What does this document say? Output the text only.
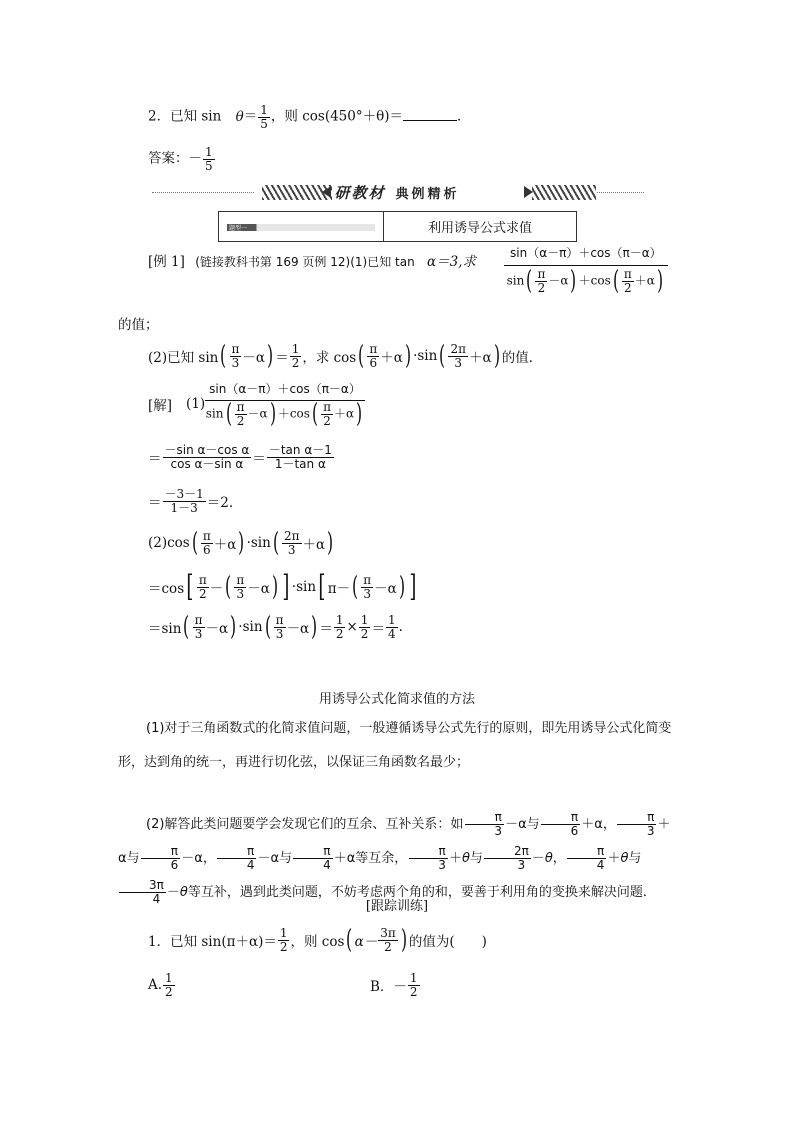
2．已知 $\sin \theta= \frac{1}{5}$ ，则 cos(450°＋θ)＝	．
答案：－ $\frac{1}{5}$
研教材 典例精析
题型一	利用诱导公式求值
[例 1] (链接教科书第 169 页例 12)(1)已知 tan α＝3,求 $\frac{\sin(\alpha-\pi)+\cos(\pi-\alpha)}{\sin( \frac{\pi}{2} -\alpha) +\cos( \frac{\pi}{2} +\alpha)}$
的值；
(2)已知 sin ( $\frac{\pi}{3} -\alpha$ ) ＝ $\frac{1}{2}$ ，求 cos ( $\frac{\pi}{6} +\alpha$ ) ·sin ( $\frac{2\pi}{3} +\alpha$ ) 的值．
[解] $(1) \frac{\sin(\alpha-\pi)+\cos(\pi-\alpha)}{\sin( \frac{\pi}{2} -\alpha) +\cos( \frac{\pi}{2} +\alpha)}$
＝ $\frac{\text{－sin α－cos α}}{\text{cos α－sin α}} = \frac{\text{－tan α－1}}{\text{1－tan α}}$
＝ $\frac{-3-1}{1-3} =2$.
(2)cos ( $\frac{\pi}{6} +\alpha$ ) ·sin ( $\frac{2\pi}{3} +\alpha$ )
＝cos [ $\frac{\pi}{2}$ － ( $\frac{\pi}{3} -\alpha$ ) ] ·sin [ π－ ( $\frac{\pi}{3} -\alpha$ ) ]
＝sin ( $\frac{\pi}{3} -\alpha$ ) ·sin ( $\frac{\pi}{3} -\alpha$ ) ＝ $\frac{1}{2} \times \frac{1}{2} = \frac{1}{4}$ .
用诱导公式化简求值的方法
(1)对于三角函数式的化简求值问题，一般遵循诱导公式先行的原则，即先用诱导公式化简变形，达到角的统一，再进行切化弦，以保证三角函数名最少；
(2)解答此类问题要学会发现它们的互余、互补关系：如 $\frac{\pi}{3} -\alpha$与 $\frac{\pi}{6} +\alpha$， $\frac{\pi}{3} +\alpha$与 $\frac{\pi}{6} -\alpha$， $\frac{\pi}{4} -\alpha$与 $\frac{\pi}{4} +\alpha$等互余， $\frac{\pi}{3} +\theta$与 $\frac{2\pi}{3} -\theta$， $\frac{\pi}{4} +\theta$与
$\frac{3\pi}{4} -\theta$等互补，遇到此类问题，不妨考虑两个角的和，要善于利用角的变换来解决问题．
[跟踪训练]
1．已知 $\sin(\pi+\alpha)= \frac{1}{2}$ ，则 cos ( $\alpha- \frac{3\pi}{2}$ ) 的值为(　　)
A. $\frac{1}{2}$	B．－ $\frac{1}{2}$
